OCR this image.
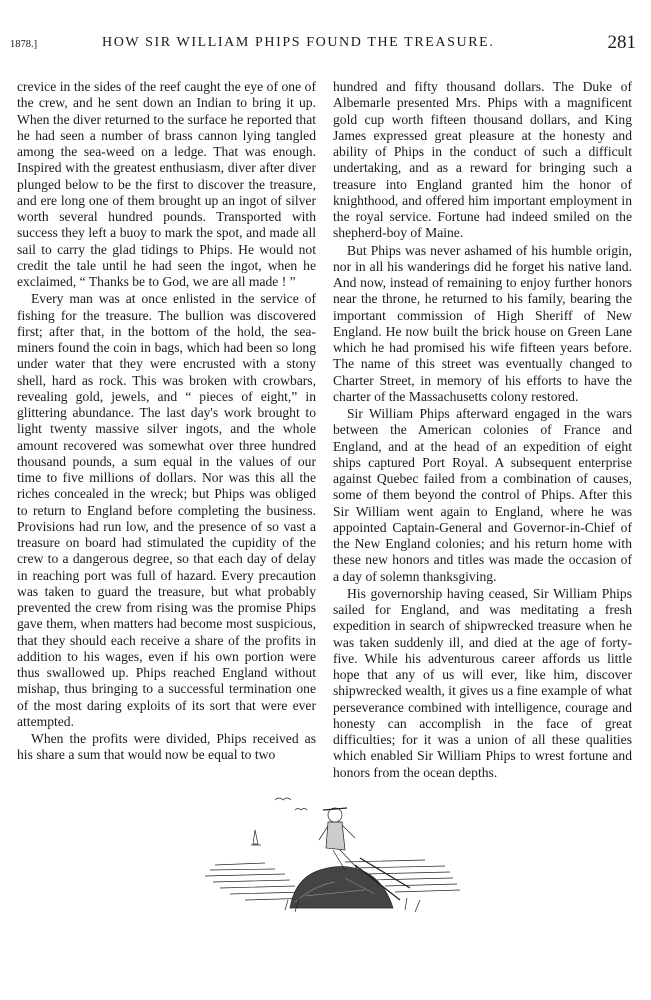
1878.]	HOW SIR WILLIAM PHIPS FOUND THE TREASURE.	281

crevice in the sides of the reef caught the eye of one of the crew, and he sent down an Indian to bring it up. When the diver returned to the surface he reported that he had seen a number of brass cannon lying tangled among the sea-weed on a ledge. That was enough. Inspired with the greatest enthusiasm, diver after diver plunged below to be the first to discover the treasure, and ere long one of them brought up an ingot of silver worth several hundred pounds. Transported with success they left a buoy to mark the spot, and made all sail to carry the glad tidings to Phips. He would not credit the tale until he had seen the ingot, when he exclaimed, “ Thanks be to God, we are all made ! ”

Every man was at once enlisted in the service of fishing for the treasure. The bullion was discovered first; after that, in the bottom of the hold, the sea-miners found the coin in bags, which had been so long under water that they were encrusted with a stony shell, hard as rock. This was broken with crowbars, revealing gold, jewels, and “ pieces of eight,” in glittering abundance. The last day's work brought to light twenty massive silver ingots, and the whole amount recovered was somewhat over three hundred thousand pounds, a sum equal in the values of our time to five millions of dollars. Nor was this all the riches concealed in the wreck; but Phips was obliged to return to England before completing the business. Provisions had run low, and the presence of so vast a treasure on board had stimulated the cupidity of the crew to a dangerous degree, so that each day of delay in reaching port was full of hazard. Every precaution was taken to guard the treasure, but what probably prevented the crew from rising was the promise Phips gave them, when matters had become most suspicious, that they should each receive a share of the profits in addition to his wages, even if his own portion were thus swallowed up. Phips reached England without mishap, thus bringing to a successful termination one of the most daring exploits of its sort that were ever attempted.

When the profits were divided, Phips received as his share a sum that would now be equal to two

hundred and fifty thousand dollars. The Duke of Albemarle presented Mrs. Phips with a magnificent gold cup worth fifteen thousand dollars, and King James expressed great pleasure at the honesty and ability of Phips in the conduct of such a difficult undertaking, and as a reward for bringing such a treasure into England granted him the honor of knighthood, and offered him important employment in the royal service. Fortune had indeed smiled on the shepherd-boy of Maine.

But Phips was never ashamed of his humble origin, nor in all his wanderings did he forget his native land. And now, instead of remaining to enjoy further honors near the throne, he returned to his family, bearing the important commission of High Sheriff of New England. He now built the brick house on Green Lane which he had promised his wife fifteen years before. The name of this street was eventually changed to Charter Street, in memory of his efforts to have the charter of the Massachusetts colony restored.

Sir William Phips afterward engaged in the wars between the American colonies of France and England, and at the head of an expedition of eight ships captured Port Royal. A subsequent enterprise against Quebec failed from a combination of causes, some of them beyond the control of Phips. After this Sir William went again to England, where he was appointed Captain-General and Governor-in-Chief of the New England colonies; and his return home with these new honors and titles was made the occasion of a day of solemn thanksgiving.

His governorship having ceased, Sir William Phips sailed for England, and was meditating a fresh expedition in search of shipwrecked treasure when he was taken suddenly ill, and died at the age of forty-five. While his adventurous career affords us little hope that any of us will ever, like him, discover shipwrecked wealth, it gives us a fine example of what perseverance combined with intelligence, courage and honesty can accomplish in the face of great difficulties; for it was a union of all these qualities which enabled Sir William Phips to wrest fortune and honors from the ocean depths.
